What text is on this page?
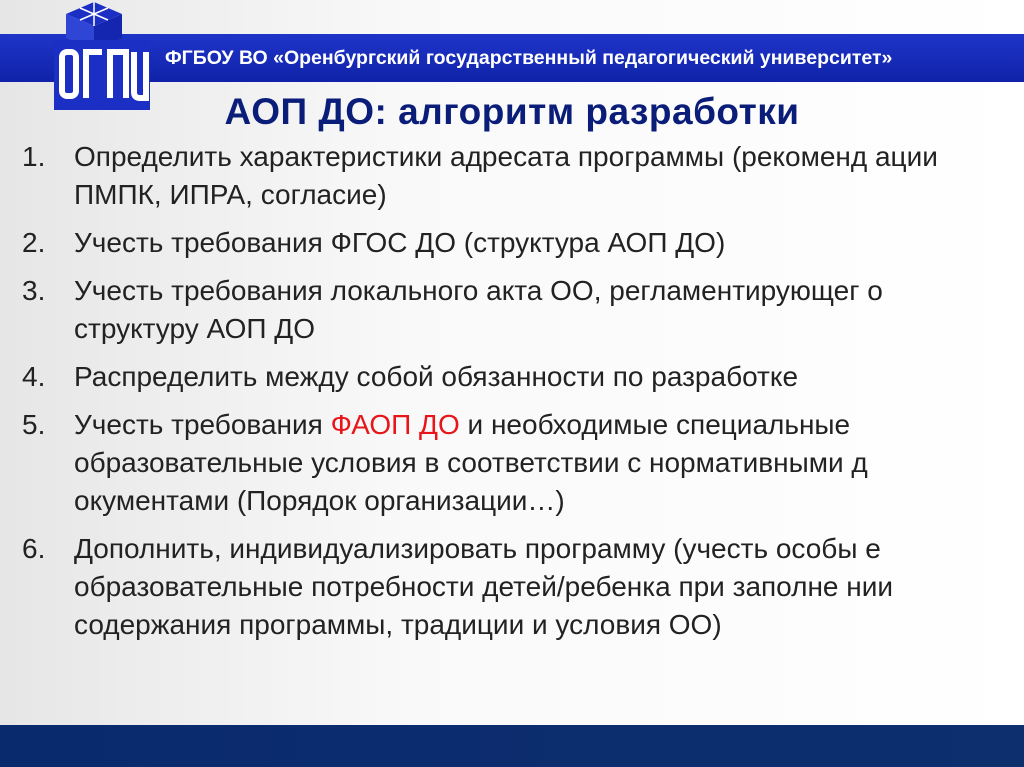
ФГБОУ ВО «Оренбургский государственный педагогический университет»
АОП ДО: алгоритм разработки
1. Определить характеристики адресата программы (рекоменд ации ПМПК, ИПРА, согласие)
2. Учесть требования ФГОС ДО (структура АОП ДО)
3. Учесть требования локального акта ОО, регламентирующег о структуру АОП ДО
4. Распределить между собой обязанности по разработке
5. Учесть требования ФАОП ДО и необходимые специальные образовательные условия в соответствии с нормативными д окументами (Порядок организации…)
6. Дополнить, индивидуализировать программу (учесть особы е образовательные потребности детей/ребенка при заполне нии содержания программы, традиции и условия ОО)
